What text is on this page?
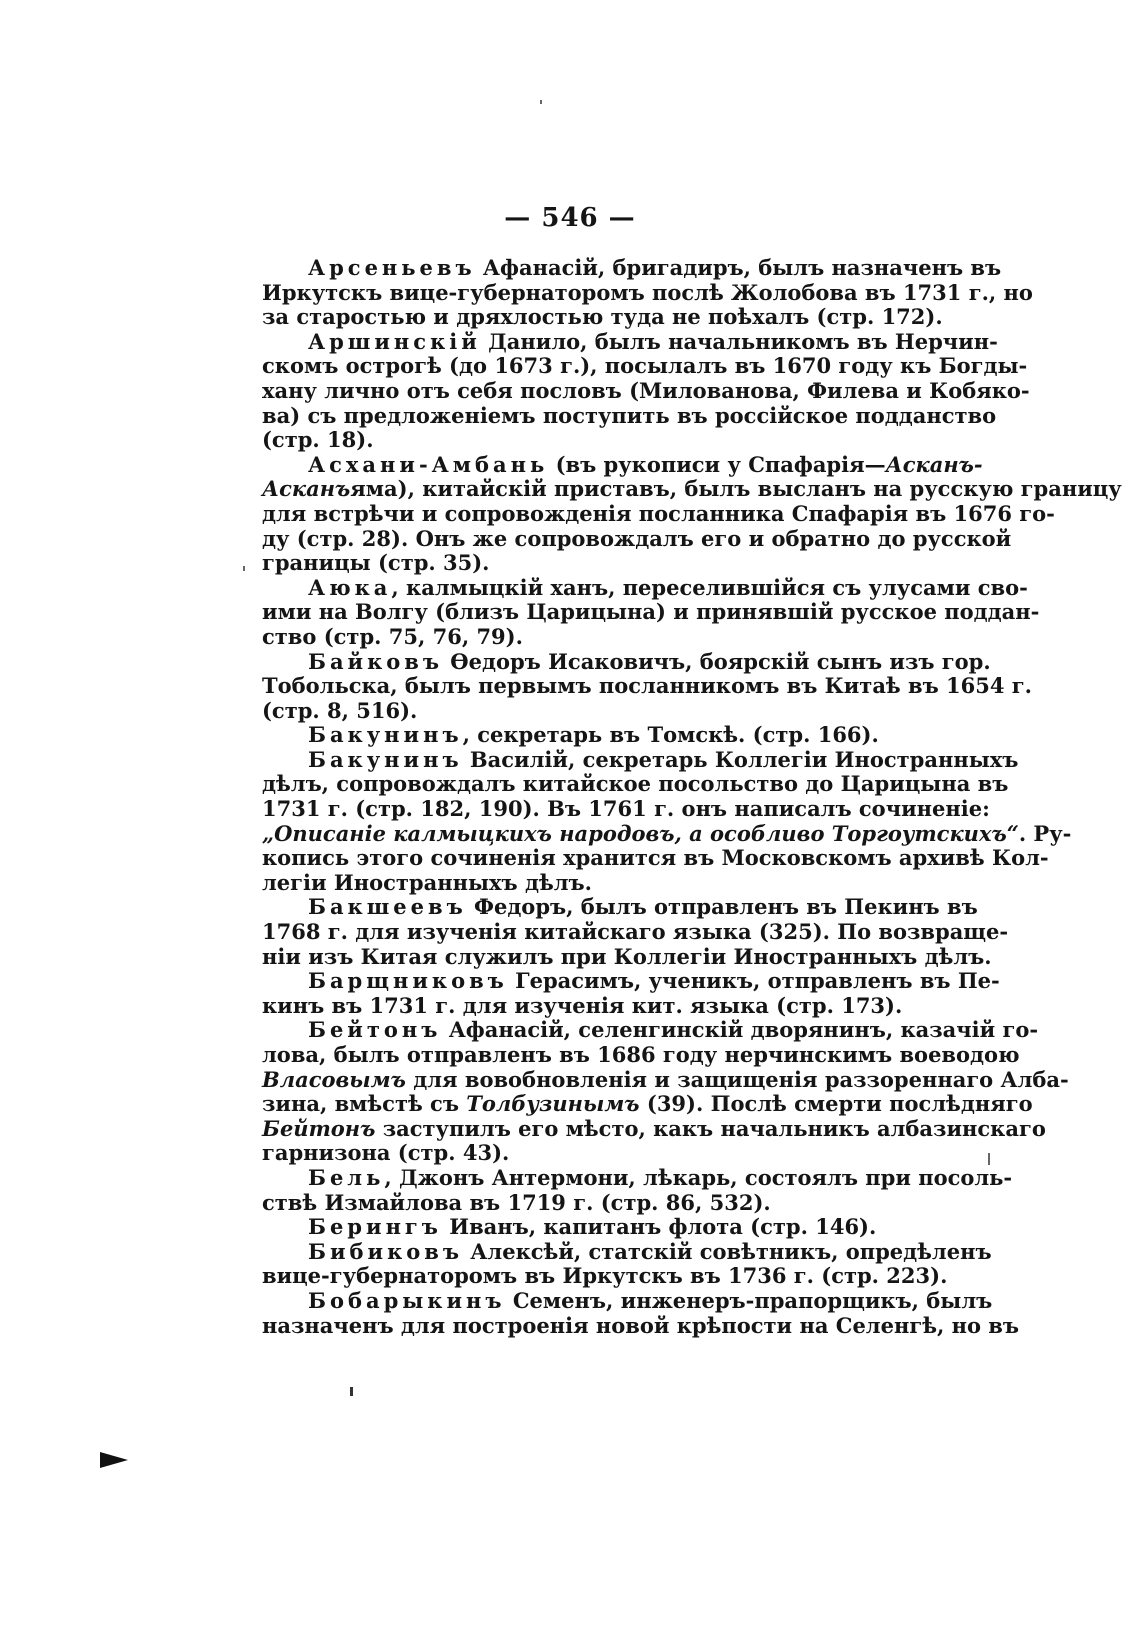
— 546 —

Арсеньевъ Афанасій, бригадиръ, былъ назначенъ въ
Иркутскъ вице-губернаторомъ послѣ Жолобова въ 1731 г., но
за старостью и дряхлостью туда не поѣхалъ (стр. 172).

Аршинскій Данило, былъ начальникомъ въ Нерчин-
скомъ острогѣ (до 1673 г.), посылалъ въ 1670 году къ Богды-
хану лично отъ себя пословъ (Милованова, Филева и Кобяко-
ва) съ предложеніемъ поступить въ россійское подданство
(стр. 18).

Асхани-Амбань (въ рукописи у Спафарія—Асканъ-
Асканъяма), китайскій приставъ, былъ высланъ на русскую границу
для встрѣчи и сопровожденія посланника Спафарія въ 1676 го-
ду (стр. 28). Онъ же сопровождалъ его и обратно до русской
границы (стр. 35).

Аюка, калмыцкій ханъ, переселившійся съ улусами сво-
ими на Волгу (близъ Царицына) и принявшій русское поддан-
ство (стр. 75, 76, 79).

Байковъ Ѳедоръ Исаковичъ, боярскій сынъ изъ гор.
Тобольска, былъ первымъ посланникомъ въ Китаѣ въ 1654 г.
(стр. 8, 516).

Бакунинъ, секретарь въ Томскѣ. (стр. 166).

Бакунинъ Василій, секретарь Коллегіи Иностранныхъ
дѣлъ, сопровождалъ китайское посольство до Царицына въ
1731 г. (стр. 182, 190). Въ 1761 г. онъ написалъ сочиненіе:
„Описаніе калмыцкихъ народовъ, а особливо Торгоутскихъ“. Ру-
копись этого сочиненія хранится въ Московскомъ архивѣ Кол-
легіи Иностранныхъ дѣлъ.

Бакшеевъ Федоръ, былъ отправленъ въ Пекинъ въ
1768 г. для изученія китайскаго языка (325). По возвраще-
ніи изъ Китая служилъ при Коллегіи Иностранныхъ дѣлъ.

Барщниковъ Герасимъ, ученикъ, отправленъ въ Пе-
кинъ въ 1731 г. для изученія кит. языка (стр. 173).

Бейтонъ Афанасій, селенгинскій дворянинъ, казачій го-
лова, былъ отправленъ въ 1686 году нерчинскимъ воеводою
Власовымъ для вовобновленія и защищенія раззореннаго Алба-
зина, вмѣстѣ съ Толбузинымъ (39). Послѣ смерти послѣдняго
Бейтонъ заступилъ его мѣсто, какъ начальникъ албазинскаго
гарнизона (стр. 43).

Бель, Джонъ Антермони, лѣкарь, состоялъ при посоль-
ствѣ Измайлова въ 1719 г. (стр. 86, 532).

Берингъ Иванъ, капитанъ флота (стр. 146).

Бибиковъ Алексѣй, статскій совѣтникъ, опредѣленъ
вице-губернаторомъ въ Иркутскъ въ 1736 г. (стр. 223).

Бобарыкинъ Семенъ, инженеръ-прапорщикъ, былъ
назначенъ для построенія новой крѣпости на Селенгѣ, но въ
